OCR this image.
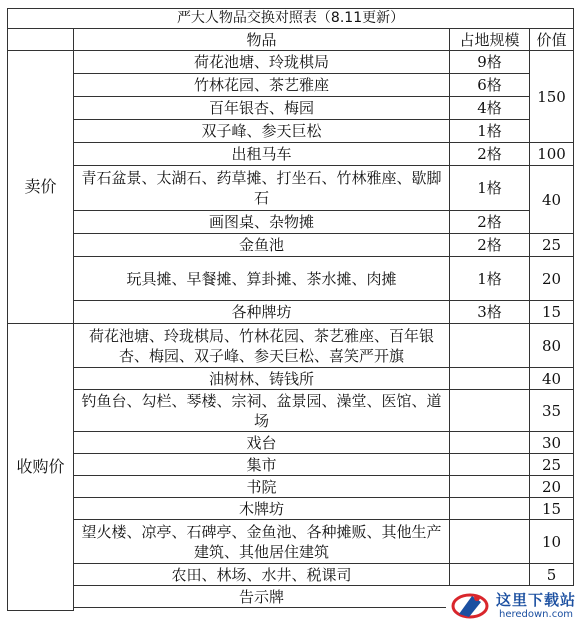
严大人物品交换对照表（8.11更新）			
	物品	占地规模	价值
卖价	荷花池塘、玲珑棋局	9格	150
	竹林花园、茶艺雅座	6格	
	百年银杏、梅园	4格	
	双子峰、参天巨松	1格	
	出租马车	2格	100
	青石盆景、太湖石、药草摊、打坐石、竹林雅座、歇脚石	1格	40

	画图桌、杂物摊	2格	
	金鱼池	2格	25
	玩具摊、早餐摊、算卦摊、茶水摊、肉摊	1格	20

	各种牌坊	3格	15

收购价	荷花池塘、玲珑棋局、竹林花园、茶艺雅座、百年银杏、梅园、双子峰、参天巨松、喜笑严开旗		80

	油树林、铸钱所		40
	钓鱼台、勾栏、琴楼、宗祠、盆景园、澡堂、医馆、道场		35

	戏台		30
	集市		25
	书院		20
	木牌坊		15
	望火楼、凉亭、石碑亭、金鱼池、各种摊贩、其他生产建筑、其他居住建筑		10

	农田、林场、水井、税课司		5
	告示牌			这里下载站
heredown.com
